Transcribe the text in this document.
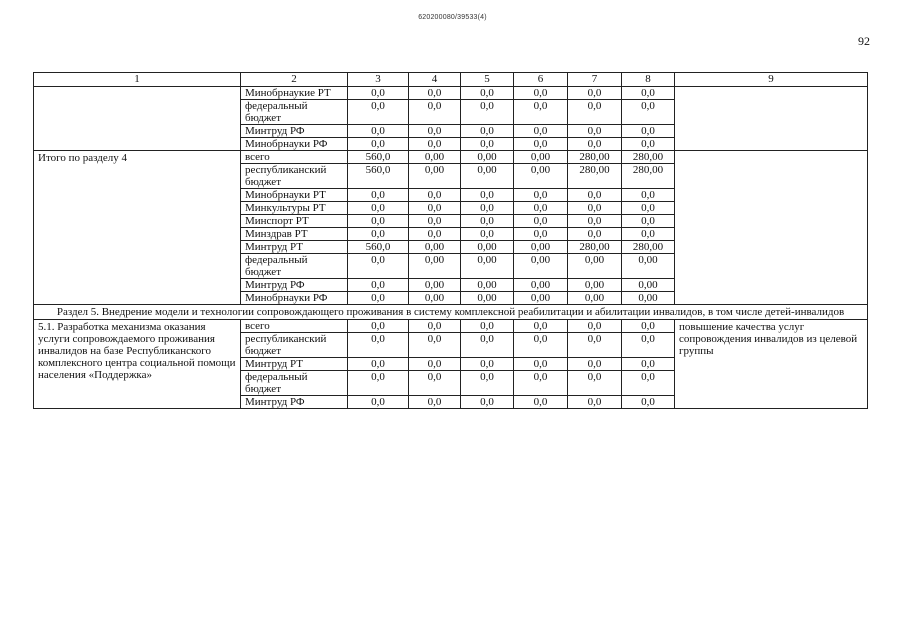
620200080/39533(4)
92
1	2	3	4	5	6	7	8	9
	Минобрнаукие РТ	0,0	0,0	0,0	0,0	0,0	0,0	
	федеральный бюджет	0,0	0,0	0,0	0,0	0,0	0,0	
	Минтруд РФ	0,0	0,0	0,0	0,0	0,0	0,0	
	Минобрнауки РФ	0,0	0,0	0,0	0,0	0,0	0,0	
Итого по разделу 4	всего	560,0	0,00	0,00	0,00	280,00	280,00	
	республиканский бюджет	560,0	0,00	0,00	0,00	280,00	280,00	
	Минобрнауки РТ	0,0	0,0	0,0	0,0	0,0	0,0	
	Минкультуры РТ	0,0	0,0	0,0	0,0	0,0	0,0	
	Минспорт РТ	0,0	0,0	0,0	0,0	0,0	0,0	
	Минздрав РТ	0,0	0,0	0,0	0,0	0,0	0,0	
	Минтруд РТ	560,0	0,00	0,00	0,00	280,00	280,00	
	федеральный бюджет	0,0	0,00	0,00	0,00	0,00	0,00	
	Минтруд РФ	0,0	0,00	0,00	0,00	0,00	0,00	
	Минобрнауки РФ	0,0	0,00	0,00	0,00	0,00	0,00	
Раздел 5. Внедрение модели и технологии сопровождающего проживания в систему комплексной реабилитации и абилитации инвалидов, в том числе детей-инвалидов								
5.1. Разработка механизма оказания услуги сопровождаемого проживания инвалидов на базе Республиканского комплексного центра социальной помощи населения «Поддержка»	всего	0,0	0,0	0,0	0,0	0,0	0,0	повышение качества услуг сопровождения инвалидов из целевой группы
	республиканский бюджет	0,0	0,0	0,0	0,0	0,0	0,0	
	Минтруд РТ	0,0	0,0	0,0	0,0	0,0	0,0	
	федеральный бюджет	0,0	0,0	0,0	0,0	0,0	0,0	
	Минтруд РФ	0,0	0,0	0,0	0,0	0,0	0,0	
